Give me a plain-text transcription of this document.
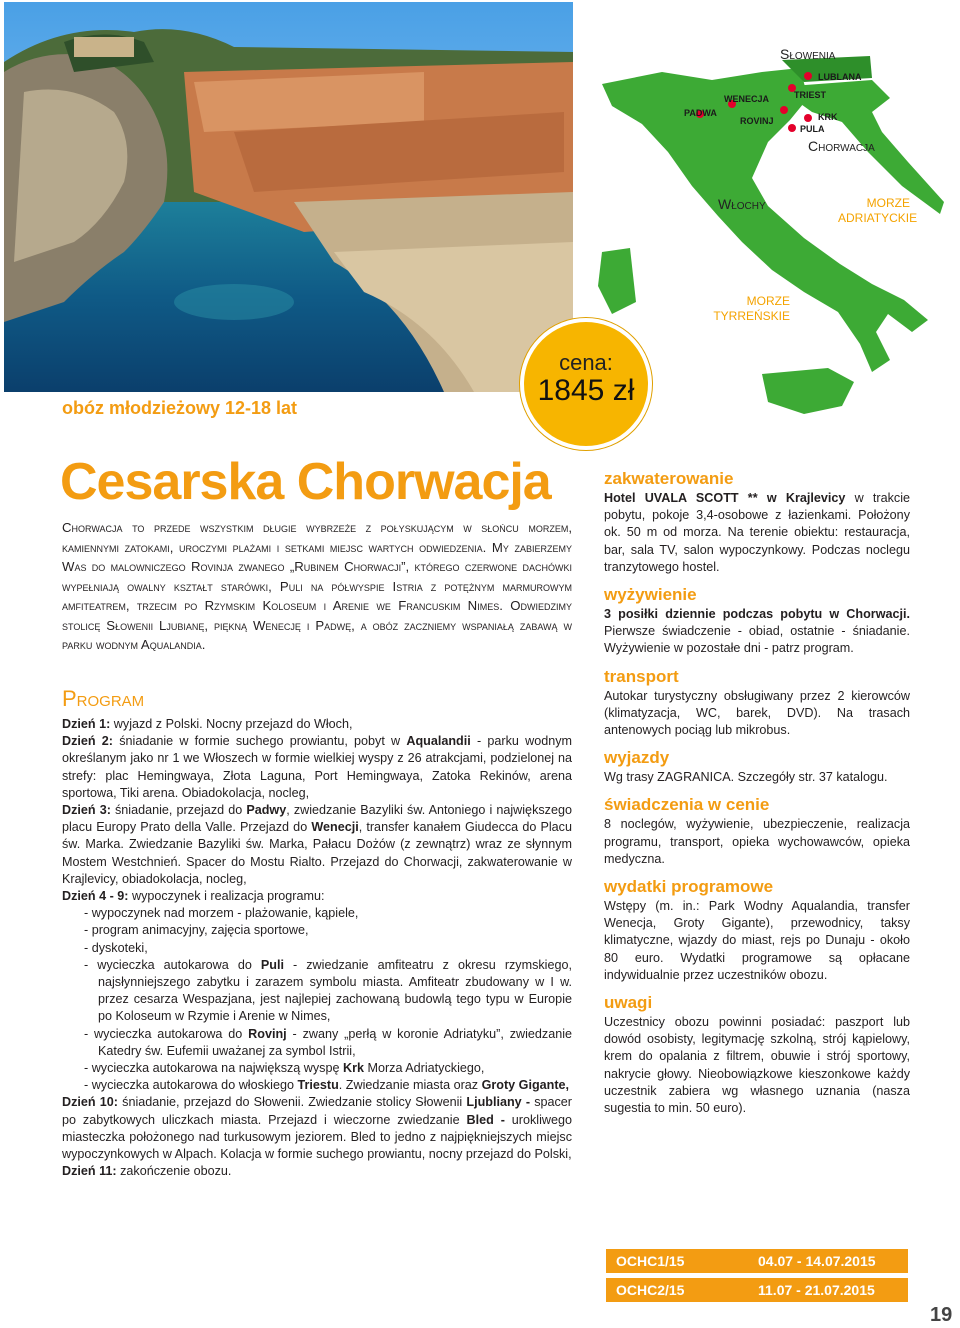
Słowenia
Chorwacja
Włochy	MORZE
ADRIATYCKIE
MORZE
TYRREŃSKIE
PADWA
WENECJA
ROVINJ
TRIEST
LUBLANA
KRK
PULA
cena:
1845 zł
obóz młodzieżowy 12-18 lat
Cesarska Chorwacja
Chorwacja to przede wszystkim długie wybrzeże z połyskującym w słońcu morzem, kamiennymi zatokami, uroczymi plażami i setkami miejsc wartych odwiedzenia. My zabierzemy Was do malowniczego Rovinja zwanego „Rubinem Chorwacji”, którego czerwone dachówki wypełniają owalny kształt starówki, Puli na półwyspie Istria z potężnym marmurowym amfiteatrem, trzecim po Rzymskim Koloseum i Arenie we Francuskim Nimes. Odwiedzimy stolicę Słowenii Ljubianę, piękną Wenecję i Padwę, a obóz zaczniemy wspaniałą zabawą w parku wodnym Aqualandia.
Program

Dzień 1: wyjazd z Polski. Nocny przejazd do Włoch,

Dzień 2: śniadanie w formie suchego prowiantu, pobyt w Aqualandii - parku wodnym określanym jako nr 1 we Włoszech w formie wielkiej wyspy z 26 atrakcjami, podzielonej na strefy: plac Hemingwaya, Złota Laguna, Port Hemingwaya, Zatoka Rekinów, arena sportowa, Tiki arena. Obiadokolacja, nocleg,

Dzień 3: śniadanie, przejazd do Padwy, zwiedzanie Bazyliki św. Antoniego i największego placu Europy Prato della Valle. Przejazd do Wenecji, transfer kanałem Giudecca do Placu św. Marka. Zwiedzanie Bazyliki św. Marka, Pałacu Dożów (z zewnątrz) wraz ze słynnym Mostem Westchnień. Spacer do Mostu Rialto. Przejazd do Chorwacji, zakwaterowanie w Krajlevicy, obiadokolacja, nocleg,

Dzień 4 - 9: wypoczynek i realizacja programu:

- wypoczynek nad morzem - plażowanie, kąpiele,

- program animacyjny, zajęcia sportowe,

- dyskoteki,

- wycieczka autokarowa do Puli - zwiedzanie amfiteatru z okresu rzymskiego, najsłynniejszego zabytku i zarazem symbolu miasta. Amfiteatr zbudowany w I w. przez cesarza Wespazjana, jest najlepiej zachowaną budowlą tego typu w Europie po Koloseum w Rzymie i Arenie w Nimes,

- wycieczka autokarowa do Rovinj - zwany „perłą w koronie Adriatyku”, zwiedzanie Katedry św. Eufemii uważanej za symbol Istrii,

- wycieczka autokarowa na największą wyspę Krk Morza Adriatyckiego,

- wycieczka autokarowa do włoskiego Triestu. Zwiedzanie miasta oraz Groty Gigante,

Dzień 10: śniadanie, przejazd do Słowenii. Zwiedzanie stolicy Słowenii Ljubliany - spacer po zabytkowych uliczkach miasta. Przejazd i wieczorne zwiedzanie Bled - urokliwego miasteczka położonego nad turkusowym jeziorem. Bled to jedno z najpiękniejszych miejsc wypoczynkowych w Alpach. Kolacja w formie suchego prowiantu, nocny przejazd do Polski,

Dzień 11: zakończenie obozu.

zakwaterowanie

Hotel UVALA SCOTT ** w Krajlevicy w trakcie pobytu, pokoje 3,4-osobowe z łazienkami. Położony ok. 50 m od morza. Na terenie obiektu: restauracja, bar, sala TV, salon wypoczynkowy. Podczas noclegu tranzytowego hostel.

wyżywienie

3 posiłki dziennie podczas pobytu w Chorwacji. Pierwsze świadczenie - obiad, ostatnie - śniadanie. Wyżywienie w pozostałe dni - patrz program.

transport

Autokar turystyczny obsługiwany przez 2 kierowców (klimatyzacja, WC, barek, DVD). Na trasach antenowych pociąg lub mikrobus.

wyjazdy

Wg trasy ZAGRANICA. Szczegóły str. 37 katalogu.

świadczenia w cenie

8 noclegów, wyżywienie, ubezpieczenie, realizacja programu, transport, opieka wychowawców, opieka medyczna.

wydatki programowe

Wstępy (m. in.: Park Wodny Aqualandia, transfer Wenecja, Groty Gigante), przewodnicy, taksy klimatyczne, wjazdy do miast, rejs po Dunaju - około 80 euro. Wydatki programowe są opłacane indywidualnie przez uczestników obozu.

uwagi

Uczestnicy obozu powinni posiadać: paszport lub dowód osobisty, legitymację szkolną, strój kąpielowy, krem do opalania z filtrem, obuwie i strój sportowy, nakrycie głowy. Nieobowiązkowe kieszonkowe każdy uczestnik zabiera wg własnego uznania (nasza sugestia to min. 50 euro).

OCHC1/15	04.07 - 14.07.2015
OCHC2/15	11.07 - 21.07.2015
19
